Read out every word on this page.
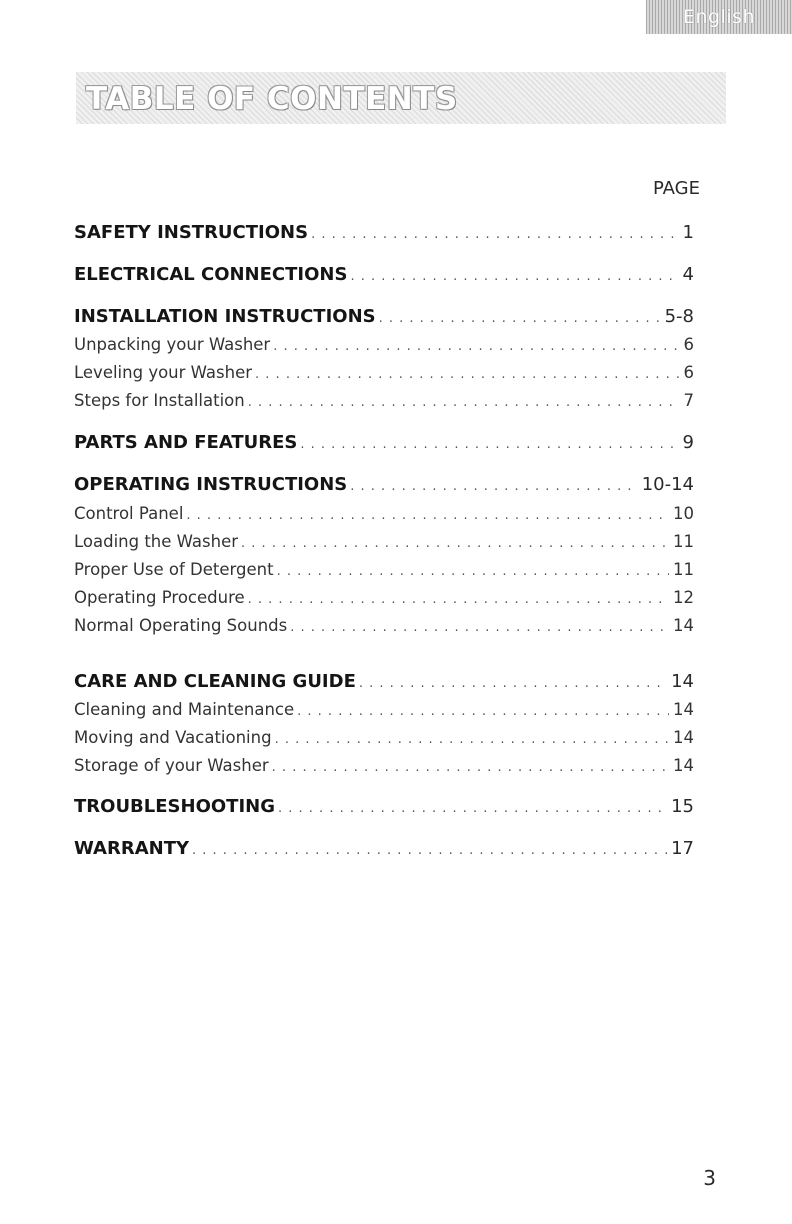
English
TABLE OF CONTENTS
PAGE
SAFETY INSTRUCTIONS . . .	1
ELECTRICAL CONNECTIONS . . .	4
INSTALLATION INSTRUCTIONS . . .	5-8
Unpacking your Washer . . .	6
Leveling your Washer . . .	6
Steps for Installation . . .	7
PARTS AND FEATURES . . .	9
OPERATING INSTRUCTIONS . . .	10-14
Control Panel . . .	10
Loading the Washer . . .	11
Proper Use of Detergent . . .	11
Operating Procedure . . .	12
Normal Operating Sounds . . .	14
CARE AND CLEANING GUIDE . . .	14
Cleaning and Maintenance . . .	14
Moving and Vacationing . . .	14
Storage of your Washer . . .	14
TROUBLESHOOTING . . .	15
WARRANTY . . .	17
3
